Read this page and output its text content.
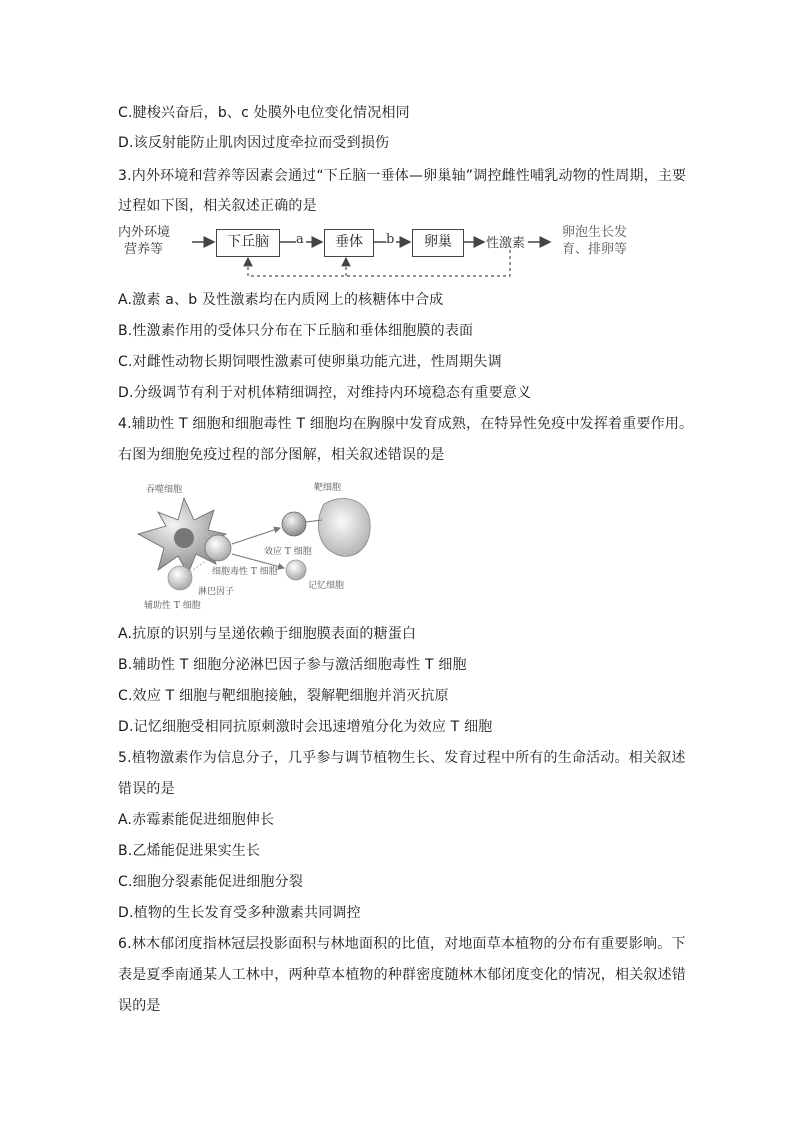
C.腱梭兴奋后，b、c 处膜外电位变化情况相同
D.该反射能防止肌肉因过度牵拉而受到损伤
3.内外环境和营养等因素会通过“下丘脑一垂体—卵巢轴”调控雌性哺乳动物的性周期，主要
过程如下图，相关叙述正确的是
内外环境
营养等	下丘脑	a	垂体	b	卵巢	性激素
卵泡生长发
育、排卵等
A.激素 a、b 及性激素均在内质网上的核糖体中合成
B.性激素作用的受体只分布在下丘脑和垂体细胞膜的表面
C.对雌性动物长期饲喂性激素可使卵巢功能亢进，性周期失调
D.分级调节有利于对机体精细调控，对维持内环境稳态有重要意义
4.辅助性 T 细胞和细胞毒性 T 细胞均在胸腺中发育成熟，在特异性免疫中发挥着重要作用。
右图为细胞免疫过程的部分图解，相关叙述错误的是
吞噬细胞	靶细胞
效应 T 细胞
细胞毒性 T 细胞
记忆细胞
淋巴因子
辅助性 T 细胞
A.抗原的识别与呈递依赖于细胞膜表面的糖蛋白
B.辅助性 T 细胞分泌淋巴因子参与激活细胞毒性 T 细胞
C.效应 T 细胞与靶细胞接触，裂解靶细胞并消灭抗原
D.记忆细胞受相同抗原刺激时会迅速增殖分化为效应 T 细胞
5.植物激素作为信息分子，几乎参与调节植物生长、发育过程中所有的生命活动。相关叙述
错误的是
A.赤霉素能促进细胞伸长
B.乙烯能促进果实生长
C.细胞分裂素能促进细胞分裂
D.植物的生长发育受多种激素共同调控
6.林木郁闭度指林冠层投影面积与林地面积的比值，对地面草本植物的分布有重要影响。下
表是夏季南通某人工林中，两种草本植物的种群密度随林木郁闭度变化的情况，相关叙述错
误的是
